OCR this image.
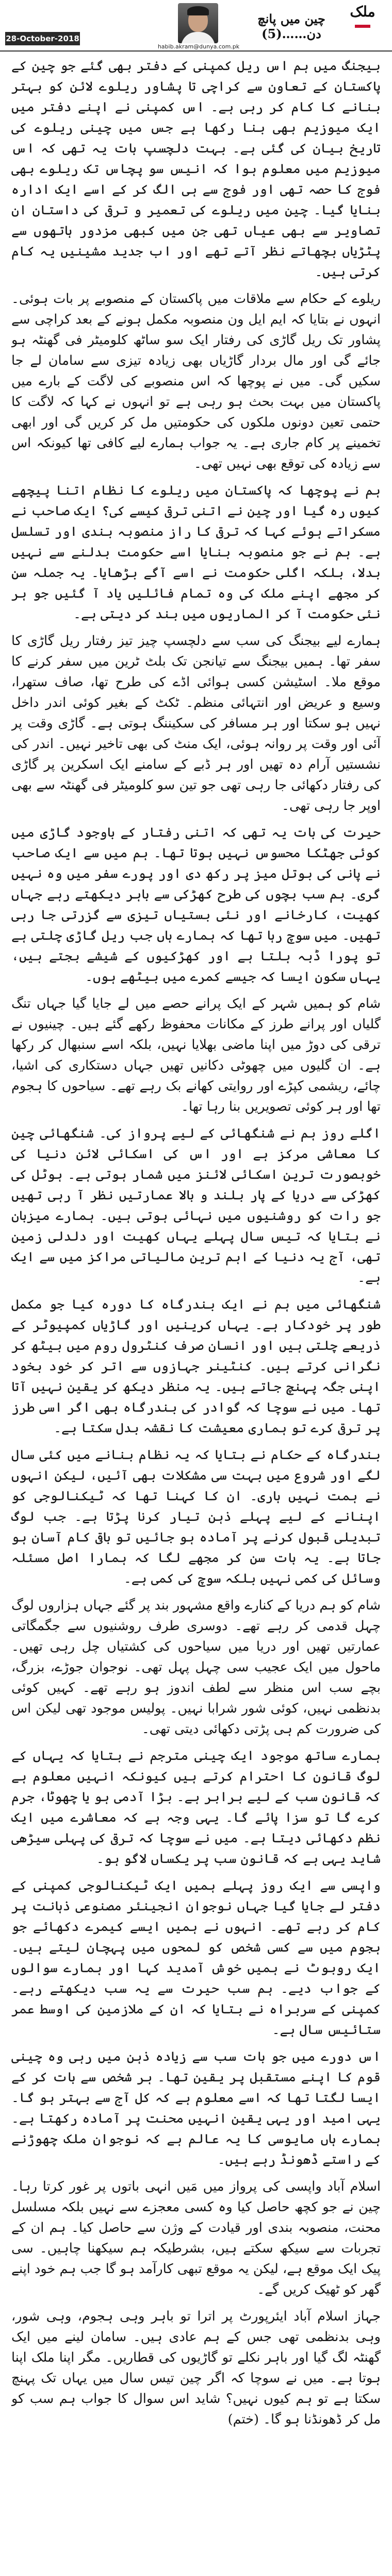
28-October-2018
habib.akram@dunya.com.pk
چین میں پانچ دن……(5)
ملک

بیجنگ میں ہم اس ریل کمپنی کے دفتر بھی گئے جو چین کے پاکستان کے تعاون سے کراچی تا پشاور ریلوے لائن کو بہتر بنانے کا کام کر رہی ہے۔ اس کمپنی نے اپنے دفتر میں ایک میوزیم بھی بنا رکھا ہے جس میں چینی ریلوے کی تاریخ بیان کی گئی ہے۔ بہت دلچسپ بات یہ تھی کہ اس میوزیم میں معلوم ہوا کہ انیس سو پچاس تک ریلوے بھی فوج کا حصہ تھی اور فوج سے ہی الگ کر کے اسے ایک ادارہ بنایا گیا۔ چین میں ریلوے کی تعمیر و ترقی کی داستان ان تصاویر سے بھی عیاں تھی جن میں کبھی مزدور ہاتھوں سے پٹڑیاں بچھاتے نظر آتے تھے اور اب جدید مشینیں یہ کام کرتی ہیں۔

ریلوے کے حکام سے ملاقات میں پاکستان کے منصوبے پر بات ہوئی۔ انہوں نے بتایا کہ ایم ایل ون منصوبہ مکمل ہونے کے بعد کراچی سے پشاور تک ریل گاڑی کی رفتار ایک سو ساٹھ کلومیٹر فی گھنٹہ ہو جائے گی اور مال بردار گاڑیاں بھی زیادہ تیزی سے سامان لے جا سکیں گی۔ میں نے پوچھا کہ اس منصوبے کی لاگت کے بارے میں پاکستان میں بہت بحث ہو رہی ہے تو انہوں نے کہا کہ لاگت کا حتمی تعین دونوں ملکوں کی حکومتیں مل کر کریں گی اور ابھی تخمینے پر کام جاری ہے۔ یہ جواب ہمارے لیے کافی تھا کیونکہ اس سے زیادہ کی توقع بھی نہیں تھی۔

ہم نے پوچھا کہ پاکستان میں ریلوے کا نظام اتنا پیچھے کیوں رہ گیا اور چین نے اتنی ترقی کیسے کی؟ ایک صاحب نے مسکراتے ہوئے کہا کہ ترقی کا راز منصوبہ بندی اور تسلسل ہے۔ ہم نے جو منصوبہ بنایا اسے حکومت بدلنے سے نہیں بدلا، بلکہ اگلی حکومت نے اسے آگے بڑھایا۔ یہ جملہ سن کر مجھے اپنے ملک کی وہ تمام فائلیں یاد آ گئیں جو ہر نئی حکومت آ کر الماریوں میں بند کر دیتی ہے۔

ہمارے لیے بیجنگ کی سب سے دلچسپ چیز تیز رفتار ریل گاڑی کا سفر تھا۔ ہمیں بیجنگ سے تیانجن تک بلٹ ٹرین میں سفر کرنے کا موقع ملا۔ اسٹیشن کسی ہوائی اڈے کی طرح تھا، صاف ستھرا، وسیع و عریض اور انتہائی منظم۔ ٹکٹ کے بغیر کوئی اندر داخل نہیں ہو سکتا اور ہر مسافر کی سکیننگ ہوتی ہے۔ گاڑی وقت پر آئی اور وقت پر روانہ ہوئی، ایک منٹ کی بھی تاخیر نہیں۔ اندر کی نشستیں آرام دہ تھیں اور ہر ڈبے کے سامنے ایک اسکرین پر گاڑی کی رفتار دکھائی جا رہی تھی جو تین سو کلومیٹر فی گھنٹہ سے بھی اوپر جا رہی تھی۔

حیرت کی بات یہ تھی کہ اتنی رفتار کے باوجود گاڑی میں کوئی جھٹکا محسوس نہیں ہوتا تھا۔ ہم میں سے ایک صاحب نے پانی کی بوتل میز پر رکھ دی اور پورے سفر میں وہ نہیں گری۔ ہم سب بچوں کی طرح کھڑکی سے باہر دیکھتے رہے جہاں کھیت، کارخانے اور نئی بستیاں تیزی سے گزرتی جا رہی تھیں۔ میں سوچ رہا تھا کہ ہمارے ہاں جب ریل گاڑی چلتی ہے تو پورا ڈبہ ہلتا ہے اور کھڑکیوں کے شیشے بجتے ہیں، یہاں سکون ایسا کہ جیسے کمرے میں بیٹھے ہوں۔

شام کو ہمیں شہر کے ایک پرانے حصے میں لے جایا گیا جہاں تنگ گلیاں اور پرانے طرز کے مکانات محفوظ رکھے گئے ہیں۔ چینیوں نے ترقی کی دوڑ میں اپنا ماضی بھلایا نہیں، بلکہ اسے سنبھال کر رکھا ہے۔ ان گلیوں میں چھوٹی دکانیں تھیں جہاں دستکاری کی اشیا، چائے، ریشمی کپڑے اور روایتی کھانے بک رہے تھے۔ سیاحوں کا ہجوم تھا اور ہر کوئی تصویریں بنا رہا تھا۔

اگلے روز ہم نے شنگھائی کے لیے پرواز کی۔ شنگھائی چین کا معاشی مرکز ہے اور اس کی اسکائی لائن دنیا کی خوبصورت ترین اسکائی لائنز میں شمار ہوتی ہے۔ ہوٹل کی کھڑکی سے دریا کے پار بلند و بالا عمارتیں نظر آ رہی تھیں جو رات کو روشنیوں میں نہائی ہوتی ہیں۔ ہمارے میزبان نے بتایا کہ تیس سال پہلے یہاں کھیت اور دلدلی زمین تھی، آج یہ دنیا کے اہم ترین مالیاتی مراکز میں سے ایک ہے۔

شنگھائی میں ہم نے ایک بندرگاہ کا دورہ کیا جو مکمل طور پر خودکار ہے۔ یہاں کرینیں اور گاڑیاں کمپیوٹر کے ذریعے چلتی ہیں اور انسان صرف کنٹرول روم میں بیٹھ کر نگرانی کرتے ہیں۔ کنٹینر جہازوں سے اتر کر خود بخود اپنی جگہ پہنچ جاتے ہیں۔ یہ منظر دیکھ کر یقین نہیں آتا تھا۔ میں نے سوچا کہ گوادر کی بندرگاہ بھی اگر اسی طرز پر ترقی کرے تو ہماری معیشت کا نقشہ بدل سکتا ہے۔

بندرگاہ کے حکام نے بتایا کہ یہ نظام بنانے میں کئی سال لگے اور شروع میں بہت سی مشکلات بھی آئیں، لیکن انہوں نے ہمت نہیں ہاری۔ ان کا کہنا تھا کہ ٹیکنالوجی کو اپنانے کے لیے پہلے ذہن تیار کرنا پڑتا ہے۔ جب لوگ تبدیلی قبول کرنے پر آمادہ ہو جائیں تو باقی کام آسان ہو جاتا ہے۔ یہ بات سن کر مجھے لگا کہ ہمارا اصل مسئلہ وسائل کی کمی نہیں بلکہ سوچ کی کمی ہے۔

شام کو ہم دریا کے کنارے واقع مشہور بند پر گئے جہاں ہزاروں لوگ چہل قدمی کر رہے تھے۔ دوسری طرف روشنیوں سے جگمگاتی عمارتیں تھیں اور دریا میں سیاحوں کی کشتیاں چل رہی تھیں۔ ماحول میں ایک عجیب سی چہل پہل تھی۔ نوجوان جوڑے، بزرگ، بچے سب اس منظر سے لطف اندوز ہو رہے تھے۔ کہیں کوئی بدنظمی نہیں، کوئی شور شرابا نہیں۔ پولیس موجود تھی لیکن اس کی ضرورت کم ہی پڑتی دکھائی دیتی تھی۔

ہمارے ساتھ موجود ایک چینی مترجم نے بتایا کہ یہاں کے لوگ قانون کا احترام کرتے ہیں کیونکہ انہیں معلوم ہے کہ قانون سب کے لیے برابر ہے۔ بڑا آدمی ہو یا چھوٹا، جرم کرے گا تو سزا پائے گا۔ یہی وجہ ہے کہ معاشرے میں ایک نظم دکھائی دیتا ہے۔ میں نے سوچا کہ ترقی کی پہلی سیڑھی شاید یہی ہے کہ قانون سب پر یکساں لاگو ہو۔

واپسی سے ایک روز پہلے ہمیں ایک ٹیکنالوجی کمپنی کے دفتر لے جایا گیا جہاں نوجوان انجینئر مصنوعی ذہانت پر کام کر رہے تھے۔ انہوں نے ہمیں ایسے کیمرے دکھائے جو ہجوم میں سے کسی شخص کو لمحوں میں پہچان لیتے ہیں۔ ایک روبوٹ نے ہمیں خوش آمدید کہا اور ہمارے سوالوں کے جواب دیے۔ ہم سب حیرت سے یہ سب دیکھتے رہے۔ کمپنی کے سربراہ نے بتایا کہ ان کے ملازمین کی اوسط عمر ستائیس سال ہے۔

اس دورے میں جو بات سب سے زیادہ ذہن میں رہی وہ چینی قوم کا اپنے مستقبل پر یقین تھا۔ ہر شخص سے بات کر کے ایسا لگتا تھا کہ اسے معلوم ہے کہ کل آج سے بہتر ہو گا۔ یہی امید اور یہی یقین انہیں محنت پر آمادہ رکھتا ہے۔ ہمارے ہاں مایوسی کا یہ عالم ہے کہ نوجوان ملک چھوڑنے کے راستے ڈھونڈ رہے ہیں۔

اسلام آباد واپسی کی پرواز میں مَیں انہی باتوں پر غور کرتا رہا۔ چین نے جو کچھ حاصل کیا وہ کسی معجزے سے نہیں بلکہ مسلسل محنت، منصوبہ بندی اور قیادت کے وژن سے حاصل کیا۔ ہم ان کے تجربات سے سیکھ سکتے ہیں، بشرطیکہ ہم سیکھنا چاہیں۔ سی پیک ایک موقع ہے، لیکن یہ موقع تبھی کارآمد ہو گا جب ہم خود اپنے گھر کو ٹھیک کریں گے۔

جہاز اسلام آباد ایئرپورٹ پر اترا تو باہر وہی ہجوم، وہی شور، وہی بدنظمی تھی جس کے ہم عادی ہیں۔ سامان لینے میں ایک گھنٹہ لگ گیا اور باہر نکلے تو گاڑیوں کی قطاریں۔ مگر اپنا ملک اپنا ہوتا ہے۔ میں نے سوچا کہ اگر چین تیس سال میں یہاں تک پہنچ سکتا ہے تو ہم کیوں نہیں؟ شاید اس سوال کا جواب ہم سب کو مل کر ڈھونڈنا ہو گا۔ (ختم)
